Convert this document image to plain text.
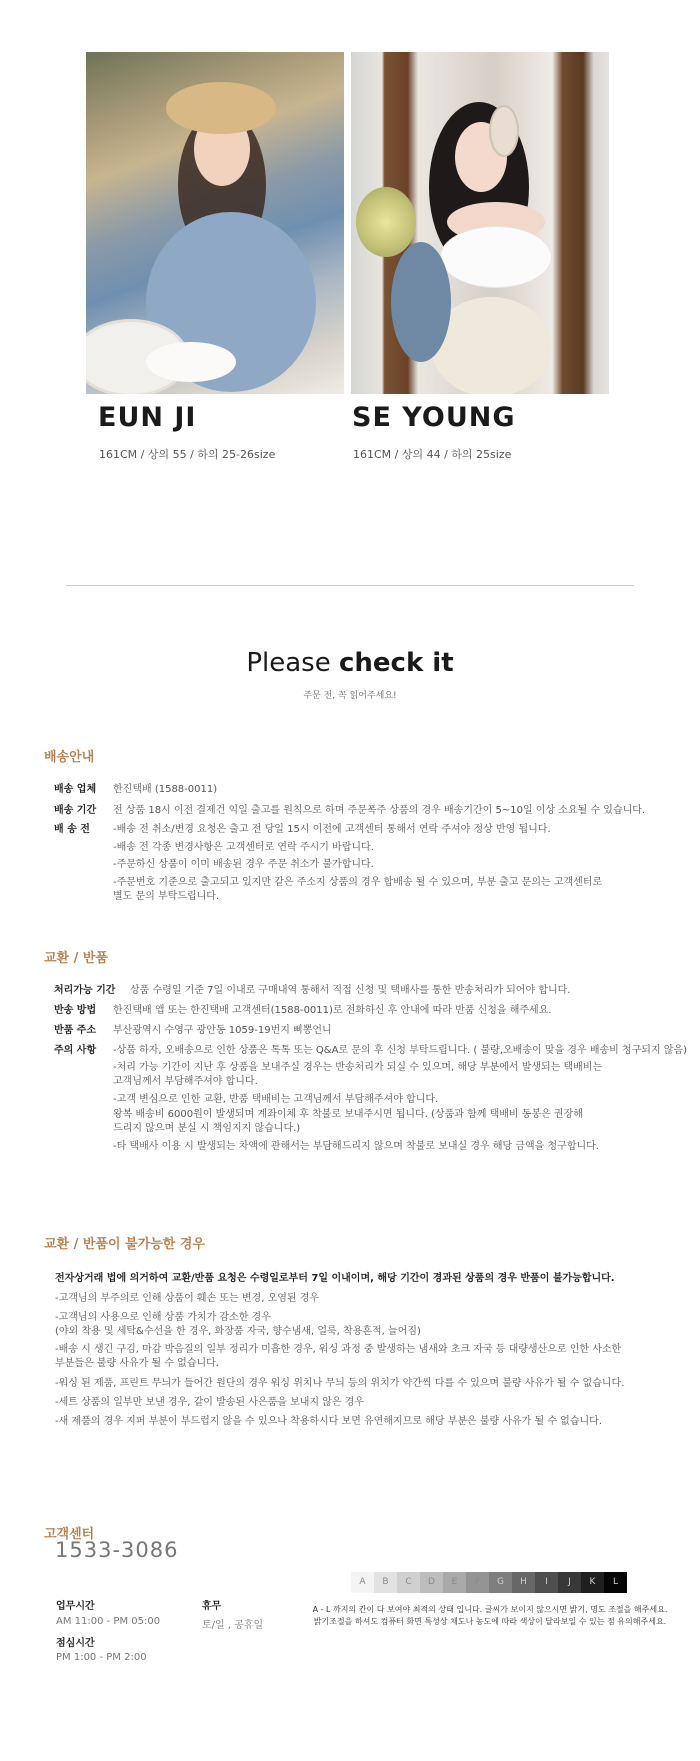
EUN JI
161CM / 상의 55 / 하의 25-26size
SE YOUNG
161CM / 상의 44 / 하의 25size
Please check it
주문 전, 꼭 읽어주세요!
배송안내
배송 업체 한진택배 (1588-0011)
배송 기간 전 상품 18시 이전 결제건 익일 출고를 원칙으로 하며 주문폭주 상품의 경우 배송기간이 5~10일 이상 소요될 수 있습니다.
배 송 전 -배송 전 취소/변경 요청은 출고 전 당일 15시 이전에 고객센터 통해서 연락 주셔야 정상 반영 됩니다.
-배송 전 각종 변경사항은 고객센터로 연락 주시기 바랍니다.
-주문하신 상품이 이미 배송된 경우 주문 취소가 불가합니다.
-주문번호 기준으로 출고되고 있지만 같은 주소지 상품의 경우 합배송 될 수 있으며, 부분 출고 문의는 고객센터로
별도 문의 부탁드립니다.
교환 / 반품
처리가능 기간 상품 수령일 기준 7일 이내로 구매내역 통해서 직접 신청 및 택배사를 통한 반송처리가 되어야 합니다.
반송 방법 한진택배 앱 또는 한진택배 고객센터(1588-0011)로 전화하신 후 안내에 따라 반품 신청을 해주세요.
반품 주소 부산광역시 수영구 광안동 1059-19번지 삐뽕언니
주의 사항 -상품 하자, 오배송으로 인한 상품은 톡톡 또는 Q&A로 문의 후 신청 부탁드립니다. ( 불량,오배송이 맞을 경우 배송비 청구되지 않음)
-처리 가능 기간이 지난 후 상품을 보내주실 경우는 반송처리가 되실 수 있으며, 해당 부분에서 발생되는 택배비는
고객님께서 부담해주셔야 합니다.
-고객 변심으로 인한 교환, 반품 택배비는 고객님께서 부담해주셔야 합니다.
왕복 배송비 6000원이 발생되며 계좌이체 후 착불로 보내주시면 됩니다. (상품과 함께 택배비 동봉은 권장해
드리지 않으며 분실 시 책임지지 않습니다.)
-타 택배사 이용 시 발생되는 차액에 관해서는 부담해드리지 않으며 착불로 보내실 경우 해당 금액을 청구합니다.
교환 / 반품이 불가능한 경우
전자상거래 법에 의거하여 교환/반품 요청은 수령일로부터 7일 이내이며, 해당 기간이 경과된 상품의 경우 반품이 불가능합니다.
-고객님의 부주의로 인해 상품이 훼손 또는 변경, 오염된 경우
-고객님의 사용으로 인해 상품 가치가 감소한 경우
(야외 착용 및 세탁&수선을 한 경우, 화장품 자국, 향수냄새, 얼룩, 착용흔적, 늘어짐)
-배송 시 생긴 구김, 마감 박음질의 일부 정리가 미흡한 경우, 워싱 과정 중 발생하는 냄새와 초크 자국 등 대량생산으로 인한 사소한
부분들은 불량 사유가 될 수 없습니다.
-워싱 된 제품, 프린트 무늬가 들어간 원단의 경우 워싱 위치나 무늬 등의 위치가 약간씩 다를 수 있으며 불량 사유가 될 수 없습니다.
-세트 상품의 일부만 보낸 경우, 같이 발송된 사은품을 보내지 않은 경우
-새 제품의 경우 지퍼 부분이 부드럽지 않을 수 있으나 착용하시다 보면 유연해지므로 해당 부분은 불량 사유가 될 수 없습니다.
고객센터
1533-3086
업무시간
AM 11:00 - PM 05:00
점심시간
PM 1:00 - PM 2:00
휴무
토/일 , 공휴일
A	B	C	D	E	F	G	H	I	J	K	L
A - L 까지의 칸이 다 보여야 최적의 상태 입니다. 글씨가 보이지 않으시면 밝기, 명도 조절을 해주세요.
밝기조절을 하셔도 컴퓨터 화면 특성상 채도나 농도에 따라 색상이 달라보일 수 있는 점 유의해주세요.
